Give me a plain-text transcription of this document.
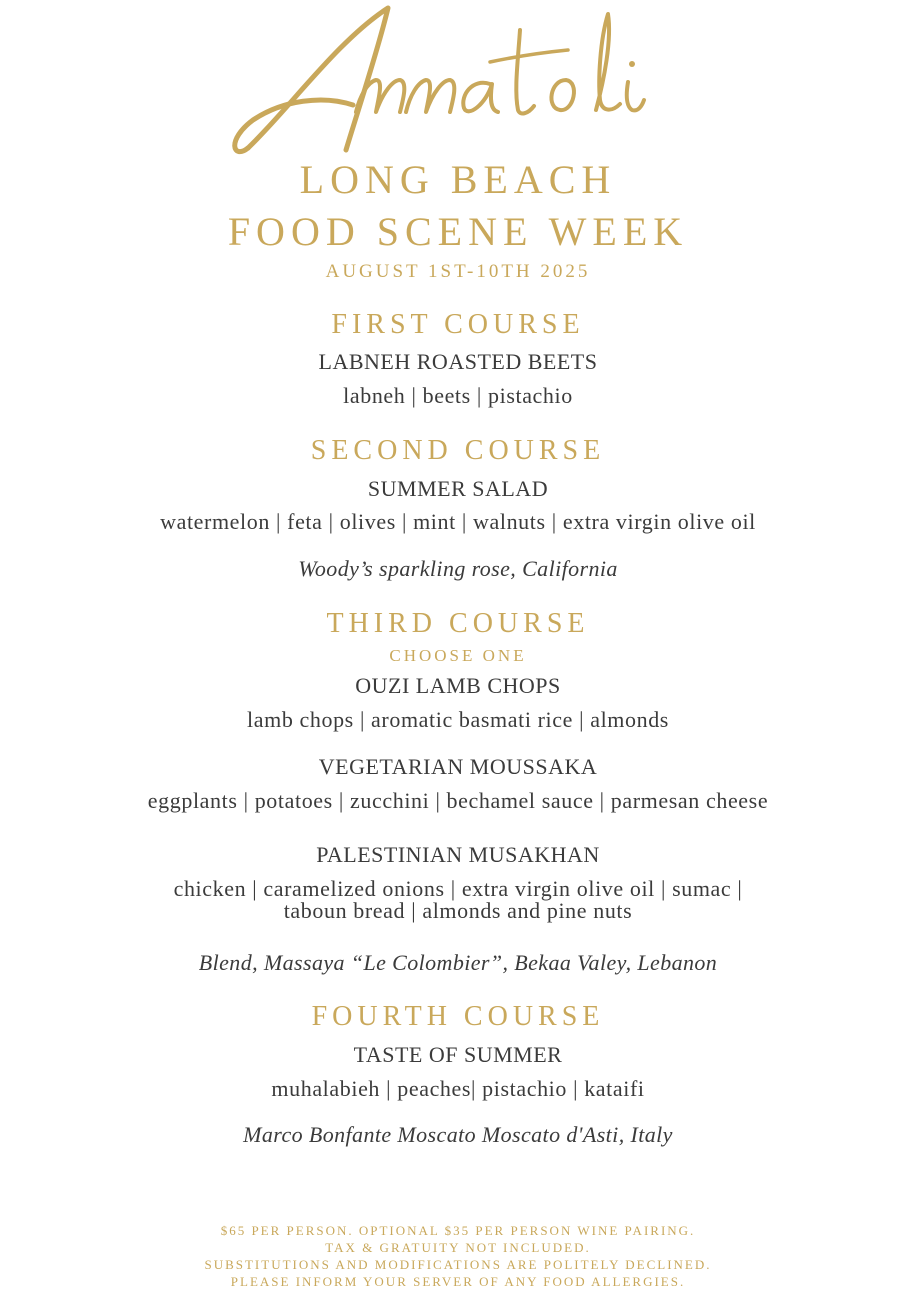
LONG BEACH
FOOD SCENE WEEK
AUGUST 1ST-10TH 2025
FIRST COURSE
LABNEH ROASTED BEETS
labneh | beets | pistachio
SECOND COURSE
SUMMER SALAD
watermelon | feta | olives | mint | walnuts | extra virgin olive oil
Woody’s sparkling rose, California
THIRD COURSE
CHOOSE ONE
OUZI LAMB CHOPS
lamb chops | aromatic basmati rice | almonds
VEGETARIAN MOUSSAKA
eggplants | potatoes | zucchini | bechamel sauce | parmesan cheese
PALESTINIAN MUSAKHAN
chicken | caramelized onions | extra virgin olive oil | sumac |
taboun bread | almonds and pine nuts
Blend, Massaya “Le Colombier”, Bekaa Valey, Lebanon
FOURTH COURSE
TASTE OF SUMMER
muhalabieh | peaches| pistachio | kataifi
Marco Bonfante Moscato Moscato d'Asti, Italy
$65 PER PERSON. OPTIONAL $35 PER PERSON WINE PAIRING.
TAX & GRATUITY NOT INCLUDED.
SUBSTITUTIONS AND MODIFICATIONS ARE POLITELY DECLINED.
PLEASE INFORM YOUR SERVER OF ANY FOOD ALLERGIES.
